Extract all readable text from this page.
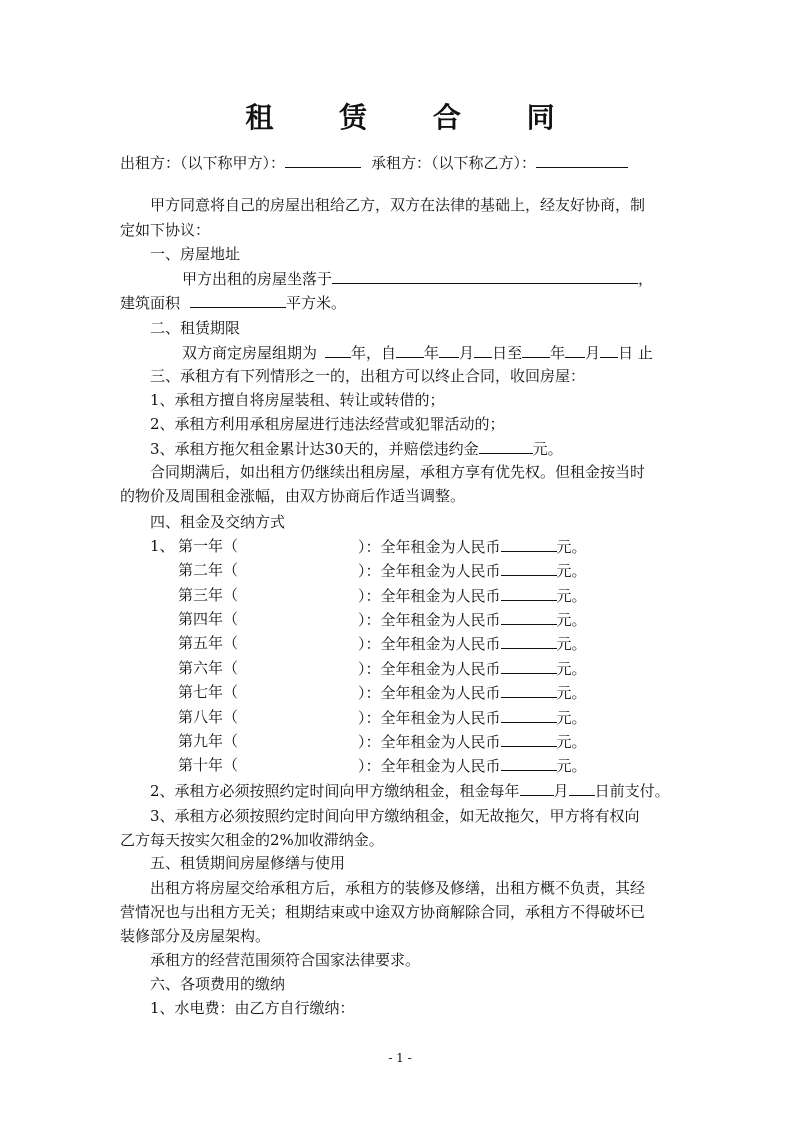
租 赁 合 同
出租方：（以下称甲方）：	承租方：（以下称乙方）：
甲方同意将自己的房屋出租给乙方，双方在法律的基础上，经友好协商，制
定如下协议：
一、房屋地址
甲方出租的房屋坐落于	，
建筑面积	平方米。
二、租赁期限
双方商定房屋组期为 年，自 年 月 日至 年 月 日 止
三、承租方有下列情形之一的，出租方可以终止合同，收回房屋：
1、承租方擅自将房屋装租、转让或转借的；
2、承租方利用承租房屋进行违法经营或犯罪活动的；
3、承租方拖欠租金累计达30天的，并赔偿违约金	元。
合同期满后，如出租方仍继续出租房屋，承租方享有优先权。但租金按当时
的物价及周围租金涨幅，由双方协商后作适当调整。
四、租金及交纳方式
1、 第一年（	）：全年租金为人民币	元。
第二年（	）：全年租金为人民币	元。
第三年（	）：全年租金为人民币	元。
第四年（	）：全年租金为人民币	元。
第五年（	）：全年租金为人民币	元。
第六年（	）：全年租金为人民币	元。
第七年（	）：全年租金为人民币	元。
第八年（	）：全年租金为人民币	元。
第九年（	）：全年租金为人民币	元。
第十年（	）：全年租金为人民币	元。
2、承租方必须按照约定时间向甲方缴纳租金，租金每年 月 日前支付。
3、承租方必须按照约定时间向甲方缴纳租金，如无故拖欠，甲方将有权向
乙方每天按实欠租金的2%加收滞纳金。
五、租赁期间房屋修缮与使用
出租方将房屋交给承租方后，承租方的装修及修缮，出租方概不负责，其经
营情况也与出租方无关；租期结束或中途双方协商解除合同，承租方不得破坏已
装修部分及房屋架构。
承租方的经营范围须符合国家法律要求。
六、各项费用的缴纳
1、水电费：由乙方自行缴纳：
- 1 -
